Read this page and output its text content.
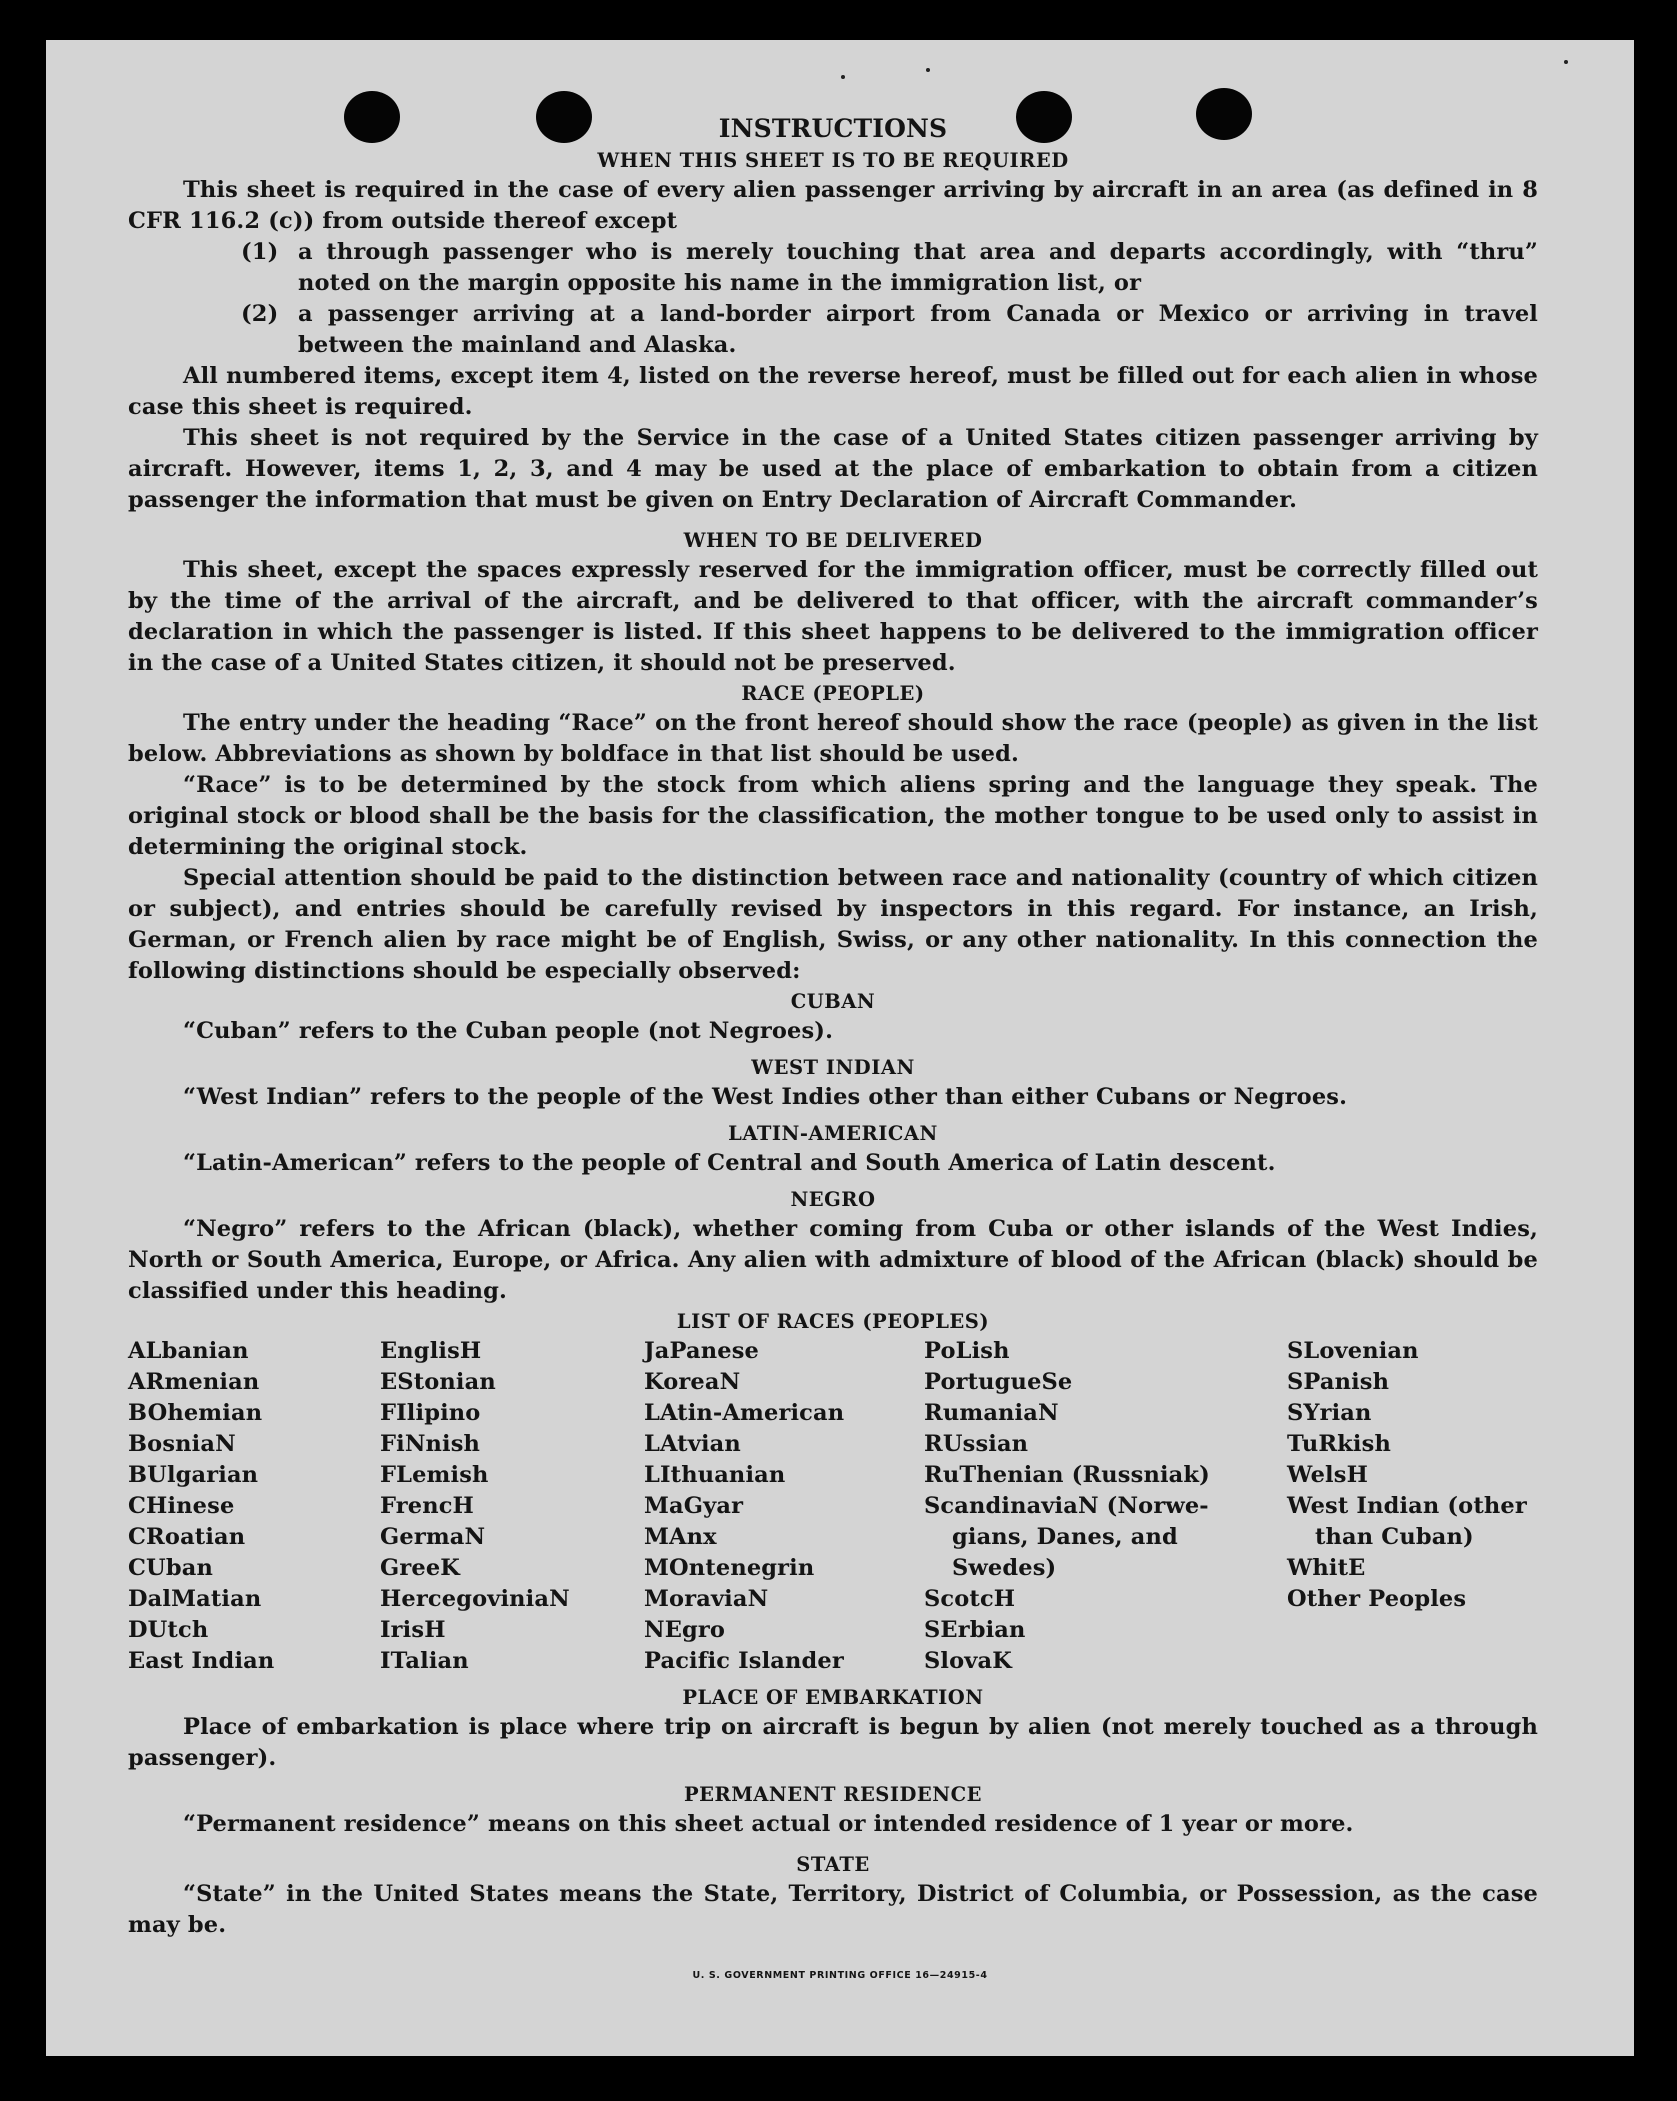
INSTRUCTIONS
WHEN THIS SHEET IS TO BE REQUIRED

This sheet is required in the case of every alien passenger arriving by aircraft in an area (as defined in 8 CFR 116.2 (c)) from outside thereof except

(1) a through passenger who is merely touching that area and departs accordingly, with “thru” noted on the margin opposite his name in the immigration list, or
(2) a passenger arriving at a land-border airport from Canada or Mexico or arriving in travel between the mainland and Alaska.

All numbered items, except item 4, listed on the reverse hereof, must be filled out for each alien in whose case this sheet is required.

This sheet is not required by the Service in the case of a United States citizen passenger arriving by aircraft. However, items 1, 2, 3, and 4 may be used at the place of embarkation to obtain from a citizen passenger the information that must be given on Entry Declaration of Aircraft Commander.

WHEN TO BE DELIVERED

This sheet, except the spaces expressly reserved for the immigration officer, must be correctly filled out by the time of the arrival of the aircraft, and be delivered to that officer, with the aircraft commander’s declaration in which the passenger is listed. If this sheet happens to be delivered to the immigration officer in the case of a United States citizen, it should not be preserved.

RACE (PEOPLE)

The entry under the heading “Race” on the front hereof should show the race (people) as given in the list below. Abbreviations as shown by boldface in that list should be used.

“Race” is to be determined by the stock from which aliens spring and the language they speak. The original stock or blood shall be the basis for the classification, the mother tongue to be used only to assist in determining the original stock.

Special attention should be paid to the distinction between race and nationality (country of which citizen or subject), and entries should be carefully revised by inspectors in this regard. For instance, an Irish, German, or French alien by race might be of English, Swiss, or any other nationality. In this connection the following distinctions should be especially observed:

CUBAN

“Cuban” refers to the Cuban people (not Negroes).

WEST INDIAN

“West Indian” refers to the people of the West Indies other than either Cubans or Negroes.

LATIN-AMERICAN

“Latin-American” refers to the people of Central and South America of Latin descent.

NEGRO

“Negro” refers to the African (black), whether coming from Cuba or other islands of the West Indies, North or South America, Europe, or Africa. Any alien with admixture of blood of the African (black) should be classified under this heading.

LIST OF RACES (PEOPLES)
ALbanian
ARmenian
BOhemian
BosniaN
BUlgarian
CHinese
CRoatian
CUban
DalMatian
DUtch
East Indian
EnglisH
EStonian
FIlipino
FiNnish
FLemish
FrencH
GermaN
GreeK
HercegoviniaN
IrisH
ITalian
JaPanese
KoreaN
LAtin-American
LAtvian
LIthuanian
MaGyar
MAnx
MOntenegrin
MoraviaN
NEgro
Pacific Islander
PoLish
PortugueSe
RumaniaN
RUssian
RuThenian (Russniak)
ScandinaviaN (Norwe-
gians, Danes, and Swedes)
ScotcH
SErbian
SlovaK
SLovenian
SPanish
SYrian
TuRkish
WelsH
West Indian (other
than Cuban)
WhitE
Other Peoples
PLACE OF EMBARKATION

Place of embarkation is place where trip on aircraft is begun by alien (not merely touched as a through passenger).

PERMANENT RESIDENCE

“Permanent residence” means on this sheet actual or intended residence of 1 year or more.

STATE

“State” in the United States means the State, Territory, District of Columbia, or Possession, as the case may be.

U. S. GOVERNMENT PRINTING OFFICE 16—24915-4
